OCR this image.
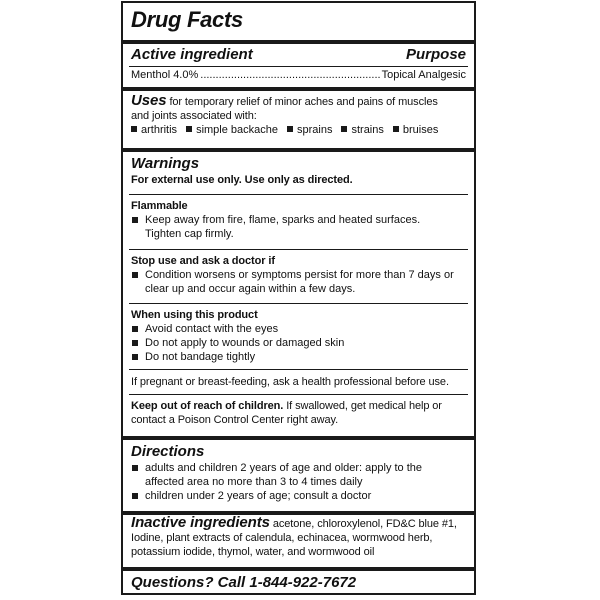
Drug Facts
Active ingredient	Purpose
Menthol 4.0%
.....	Topical Analgesic
Uses for temporary relief of minor aches and pains of muscles
and joints associated with:
arthritis	simple backache	sprains	strains	bruises
Warnings
For external use only. Use only as directed.
Flammable
Keep away from fire, flame, sparks and heated surfaces.
Tighten cap firmly.
Stop use and ask a doctor if
Condition worsens or symptoms persist for more than 7 days or
clear up and occur again within a few days.
When using this product
Avoid contact with the eyes
Do not apply to wounds or damaged skin
Do not bandage tightly
If pregnant or breast-feeding, ask a health professional before use.
Keep out of reach of children. If swallowed, get medical help or
contact a Poison Control Center right away.
Directions
adults and children 2 years of age and older: apply to the
affected area no more than 3 to 4 times daily
children under 2 years of age; consult a doctor
Inactive ingredients acetone, chloroxylenol, FD&C blue #1,
Iodine, plant extracts of calendula, echinacea, wormwood herb,
potassium iodide, thymol, water, and wormwood oil
Questions? Call 1-844-922-7672
